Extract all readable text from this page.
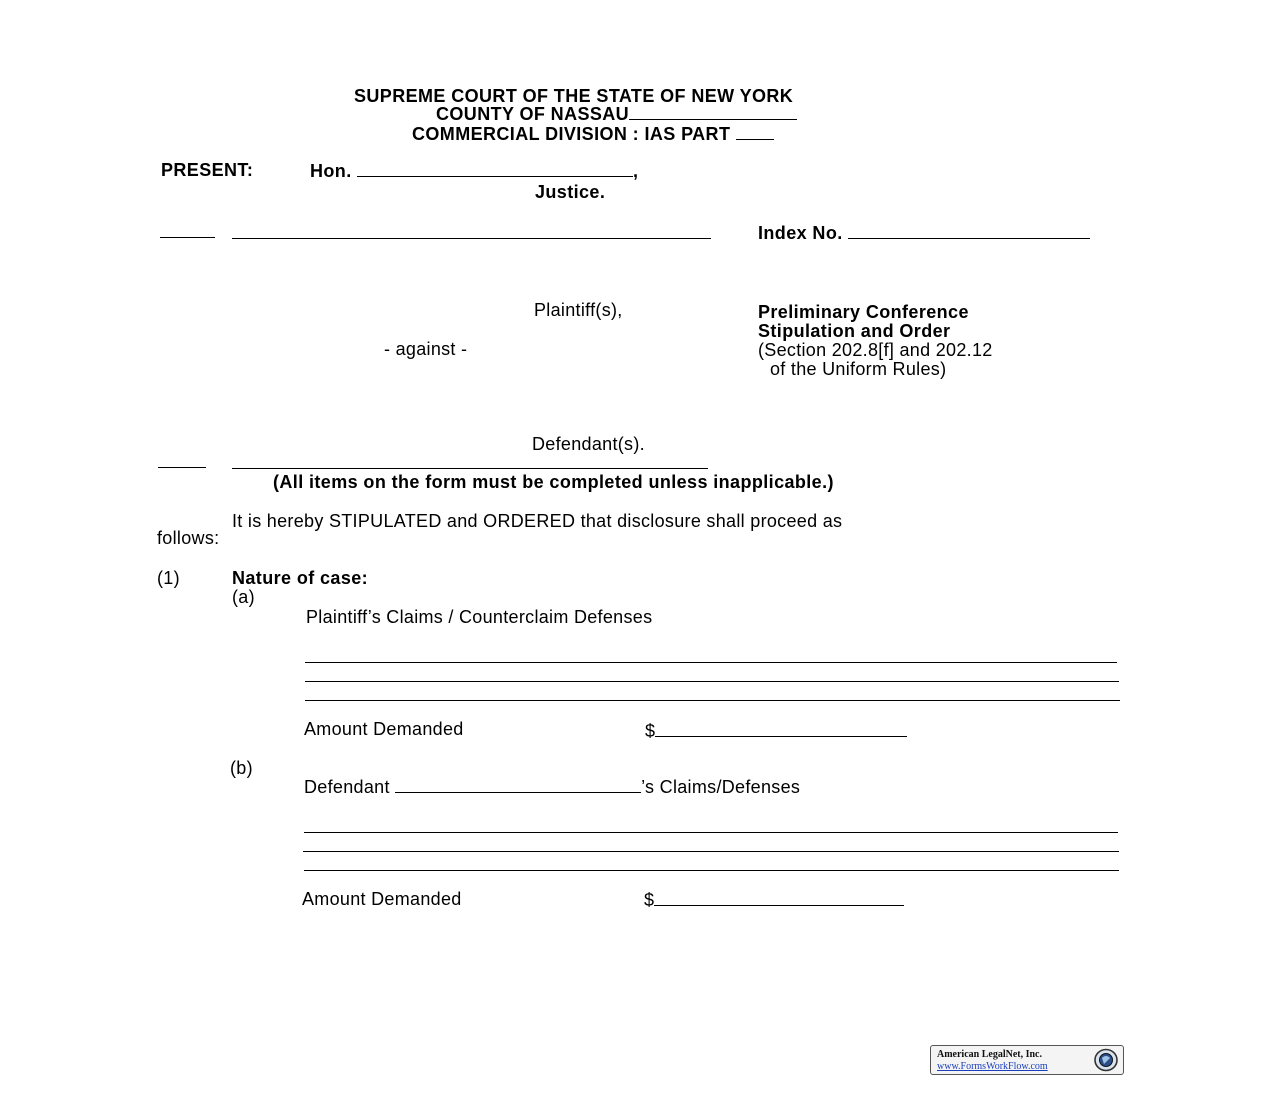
SUPREME COURT OF THE STATE OF NEW YORK
COUNTY OF NASSAU
COMMERCIAL DIVISION : IAS PART
PRESENT:	Hon.	,
Justice.
Index No.
Plaintiff(s),
- against -
Defendant(s).
Preliminary Conference
Stipulation and Order
(Section 202.8[f] and 202.12
of the Uniform Rules)
(All items on the form must be completed unless inapplicable.)
It is hereby STIPULATED and ORDERED that disclosure shall proceed as
follows:
(1)	Nature of case:
(a)
Plaintiff’s Claims / Counterclaim Defenses
Amount Demanded	$
(b)
Defendant	’s Claims/Defenses
Amount Demanded	$
American LegalNet, Inc.
www.FormsWorkFlow.com
